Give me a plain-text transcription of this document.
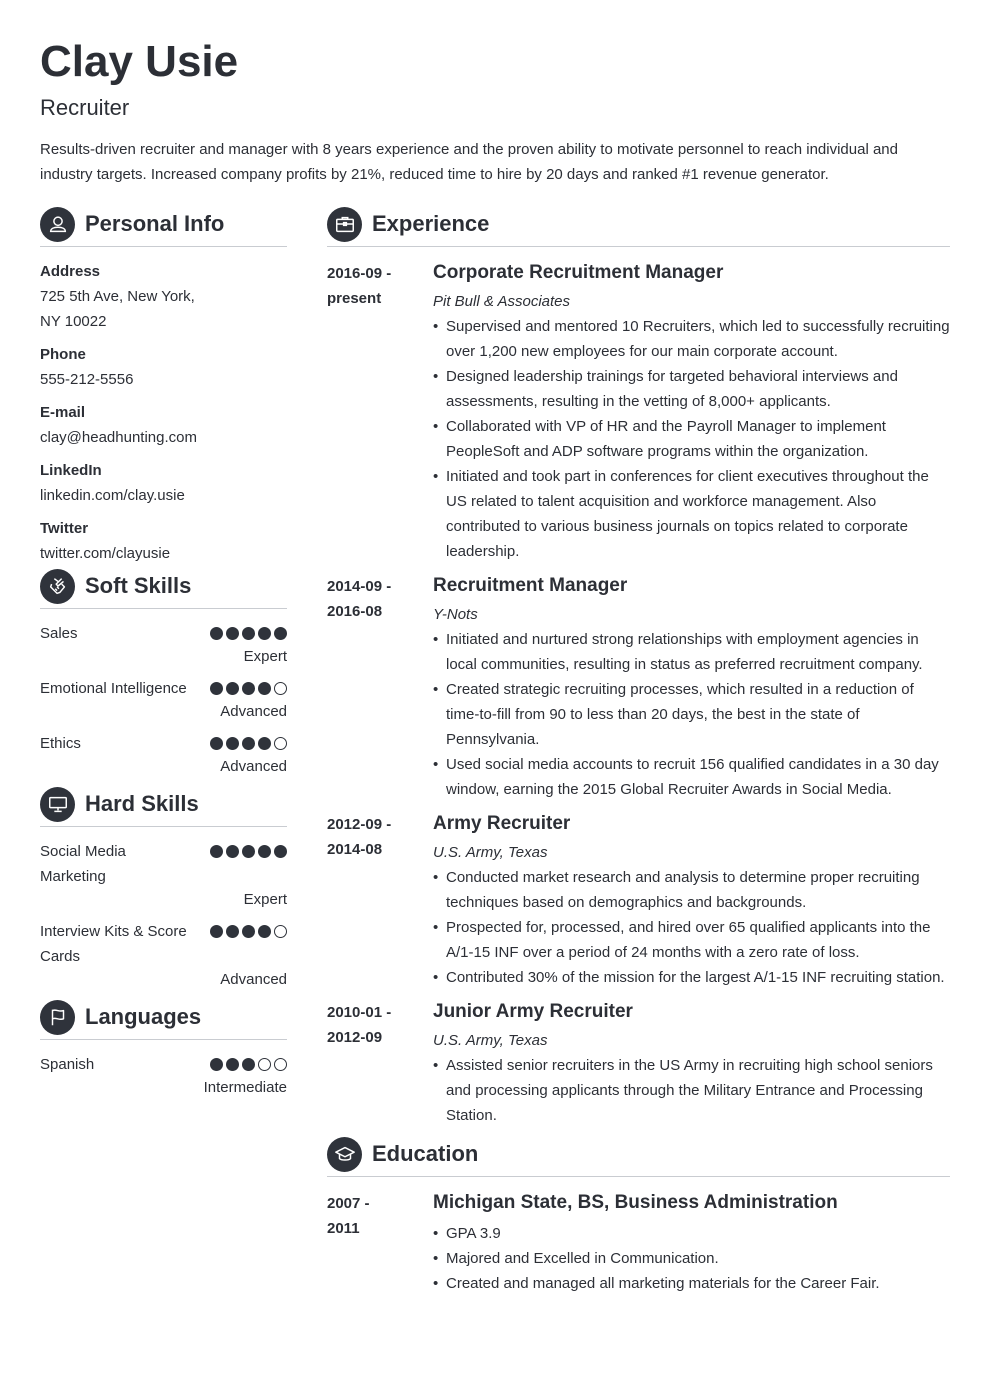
Clay Usie
Recruiter
Results-driven recruiter and manager with 8 years experience and the proven ability to motivate personnel to reach individual and industry targets. Increased company profits by 21%, reduced time to hire by 20 days and ranked #1 revenue generator.
Personal Info
Address
725 5th Ave, New York, NY 10022
Phone
555-212-5556
E-mail
clay@headhunting.com
LinkedIn
linkedin.com/clay.usie
Twitter
twitter.com/clayusie
Soft Skills
Sales
Expert
Emotional Intelligence
Advanced
Ethics
Advanced
Hard Skills
Social Media Marketing
Expert
Interview Kits & Score Cards
Advanced
Languages
Spanish
Intermediate
Experience
2016-09 -
present
Corporate Recruitment Manager
Pit Bull & Associates
• Supervised and mentored 10 Recruiters, which led to successfully recruiting over 1,200 new employees for our main corporate account.
• Designed leadership trainings for targeted behavioral interviews and assessments, resulting in the vetting of 8,000+ applicants.
• Collaborated with VP of HR and the Payroll Manager to implement PeopleSoft and ADP software programs within the organization.
• Initiated and took part in conferences for client executives throughout the US related to talent acquisition and workforce management. Also contributed to various business journals on topics related to corporate leadership.
2014-09 -
2016-08
Recruitment Manager
Y-Nots
• Initiated and nurtured strong relationships with employment agencies in local communities, resulting in status as preferred recruitment company.
• Created strategic recruiting processes, which resulted in a reduction of time-to-fill from 90 to less than 20 days, the best in the state of Pennsylvania.
• Used social media accounts to recruit 156 qualified candidates in a 30 day window, earning the 2015 Global Recruiter Awards in Social Media.
2012-09 -
2014-08
Army Recruiter
U.S. Army, Texas
• Conducted market research and analysis to determine proper recruiting techniques based on demographics and backgrounds.
• Prospected for, processed, and hired over 65 qualified applicants into the A/1-15 INF over a period of 24 months with a zero rate of loss.
• Contributed 30% of the mission for the largest A/1-15 INF recruiting station.
2010-01 -
2012-09
Junior Army Recruiter
U.S. Army, Texas
• Assisted senior recruiters in the US Army in recruiting high school seniors and processing applicants through the Military Entrance and Processing Station.
Education
2007 -
2011
Michigan State, BS, Business Administration
• GPA 3.9
• Majored and Excelled in Communication.
• Created and managed all marketing materials for the Career Fair.
